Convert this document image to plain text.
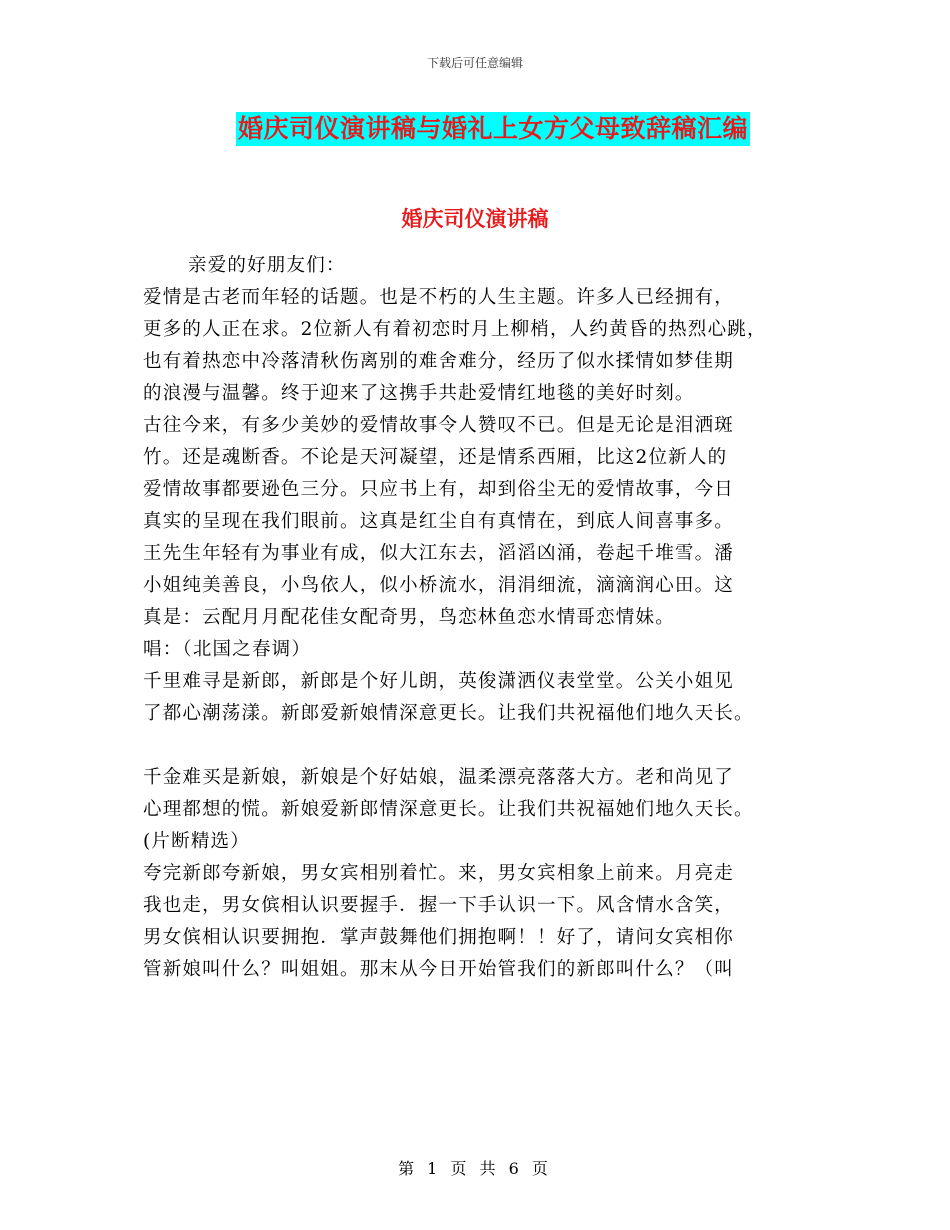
下载后可任意编辑
婚庆司仪演讲稿与婚礼上女方父母致辞稿汇编
婚庆司仪演讲稿
亲爱的好朋友们：
爱情是古老而年轻的话题。也是不朽的人生主题。许多人已经拥有，
更多的人正在求。2位新人有着初恋时月上柳梢，人约黄昏的热烈心跳，
也有着热恋中冷落清秋伤离别的难舍难分，经历了似水揉情如梦佳期
的浪漫与温馨。终于迎来了这携手共赴爱情红地毯的美好时刻。
古往今来，有多少美妙的爱情故事令人赞叹不已。但是无论是泪洒斑
竹。还是魂断香。不论是天河凝望，还是情系西厢，比这2位新人的
爱情故事都要逊色三分。只应书上有，却到俗尘无的爱情故事，今日
真实的呈现在我们眼前。这真是红尘自有真情在，到底人间喜事多。
王先生年轻有为事业有成，似大江东去，滔滔凶涌，卷起千堆雪。潘
小姐纯美善良，小鸟依人，似小桥流水，涓涓细流，滴滴润心田。这
真是：云配月月配花佳女配奇男，鸟恋林鱼恋水情哥恋情妹。
唱：（北国之春调）
千里难寻是新郎，新郎是个好儿朗，英俊潇洒仪表堂堂。公关小姐见
了都心潮荡漾。新郎爱新娘情深意更长。让我们共祝福他们地久天长。
千金难买是新娘，新娘是个好姑娘，温柔漂亮落落大方。老和尚见了
心理都想的慌。新娘爱新郎情深意更长。让我们共祝福她们地久天长。
(片断精选）
夸完新郎夸新娘，男女宾相别着忙。来，男女宾相象上前来。月亮走
我也走，男女傧相认识要握手．握一下手认识一下。风含情水含笑，
男女傧相认识要拥抱．掌声鼓舞他们拥抱啊！！好了，请问女宾相你
管新娘叫什么？叫姐姐。那末从今日开始管我们的新郎叫什么？（叫
第 1 页 共 6 页
